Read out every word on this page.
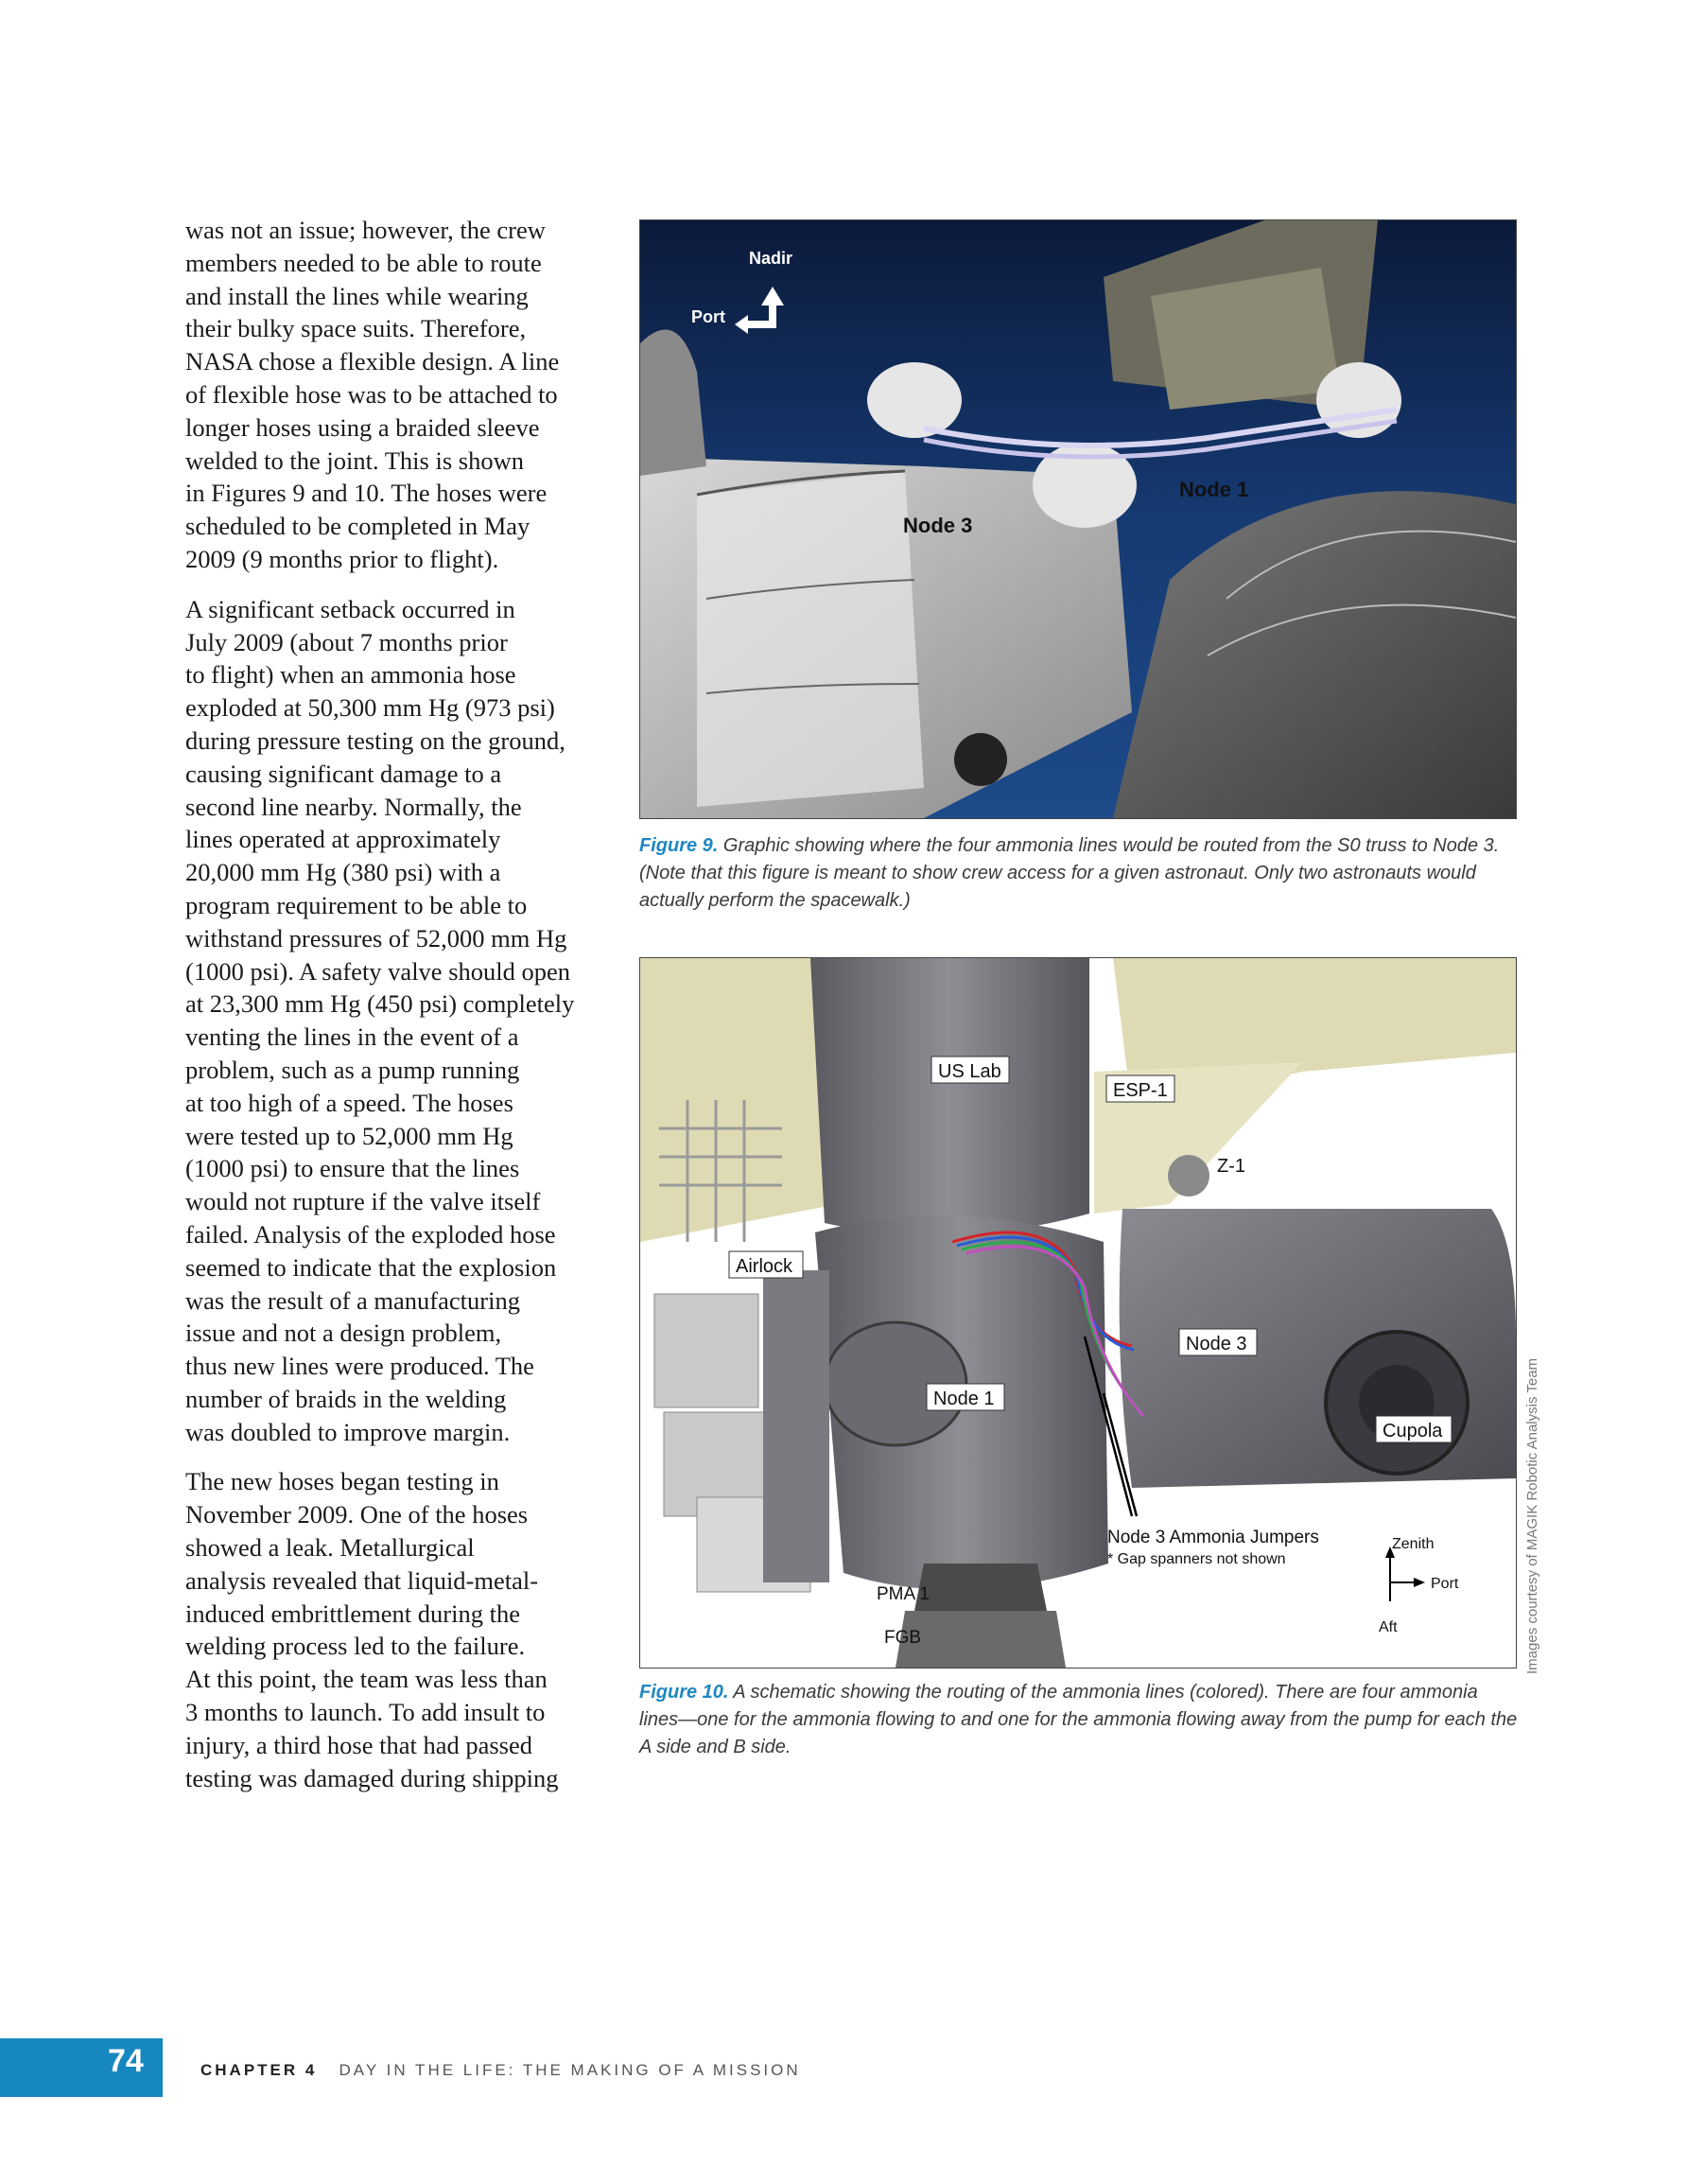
was not an issue; however, the crew
members needed to be able to route
and install the lines while wearing
their bulky space suits. Therefore,
NASA chose a flexible design. A line
of flexible hose was to be attached to
longer hoses using a braided sleeve
welded to the joint. This is shown
in Figures 9 and 10. The hoses were
scheduled to be completed in May
2009 (9 months prior to flight).

A significant setback occurred in
July 2009 (about 7 months prior
to flight) when an ammonia hose
exploded at 50,300 mm Hg (973 psi)
during pressure testing on the ground,
causing significant damage to a
second line nearby. Normally, the
lines operated at approximately
20,000 mm Hg (380 psi) with a
program requirement to be able to
withstand pressures of 52,000 mm Hg
(1000 psi). A safety valve should open
at 23,300 mm Hg (450 psi) completely
venting the lines in the event of a
problem, such as a pump running
at too high of a speed. The hoses
were tested up to 52,000 mm Hg
(1000 psi) to ensure that the lines
would not rupture if the valve itself
failed. Analysis of the exploded hose
seemed to indicate that the explosion
was the result of a manufacturing
issue and not a design problem,
thus new lines were produced. The
number of braids in the welding
was doubled to improve margin.

The new hoses began testing in
November 2009. One of the hoses
showed a leak. Metallurgical
analysis revealed that liquid-metal-
induced embrittlement during the
welding process led to the failure.
At this point, the team was less than
3 months to launch. To add insult to
injury, a third hose that had passed
testing was damaged during shipping

Nadir
Port
Node 1
Node 3
Figure 9. Graphic showing where the four ammonia lines would be routed from the S0 truss to Node 3. (Note that this figure is meant to show crew access for a given astronaut. Only two astronauts would actually perform the spacewalk.)
US Lab
ESP-1
Z-1
Airlock
Node 3
Node 1
Cupola
Node 3 Ammonia Jumpers
* Gap spanners not shown
PMA 1
FGB
Zenith
Port
Aft	Images courtesy of MAGIK Robotic Analysis Team
Figure 10. A schematic showing the routing of the ammonia lines (colored). There are four ammonia lines—one for the ammonia flowing to and one for the ammonia flowing away from the pump for each the A side and B side.
74	CHAPTER 4 DAY IN THE LIFE: THE MAKING OF A MISSION
